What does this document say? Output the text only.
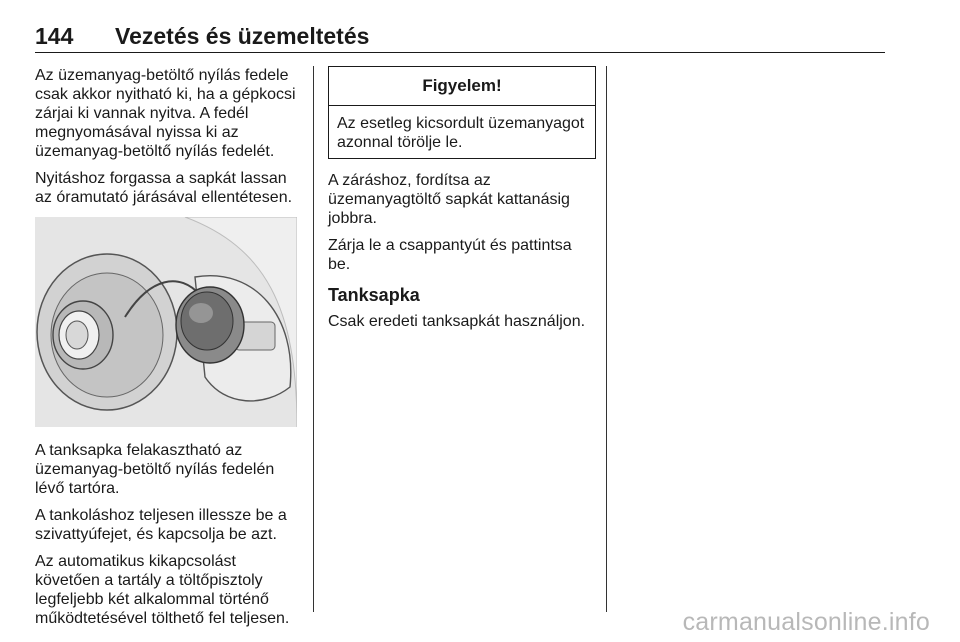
144 Vezetés és üzemeltetés

Az üzemanyag-betöltő nyílás fedele csak akkor nyitható ki, ha a gépkocsi zárjai ki vannak nyitva. A fedél megnyomásával nyissa ki az üzemanyag-betöltő nyílás fedelét.

Nyitáshoz forgassa a sapkát lassan az óramutató járásával ellentétesen.

A tanksapka felakasztható az üzemanyag-betöltő nyílás fedelén lévő tartóra.

A tankoláshoz teljesen illessze be a szivattyúfejet, és kapcsolja be azt.

Az automatikus kikapcsolást követően a tartály a töltőpisztoly legfeljebb két alkalommal történő működtetésével tölthető fel teljesen.

Figyelem!
Az esetleg kicsordult üzemanyagot azonnal törölje le.

A záráshoz, fordítsa az üzemanyagtöltő sapkát kattanásig jobbra.

Zárja le a csappantyút és pattintsa be.

Tanksapka

Csak eredeti tanksapkát használjon.

carmanualsonline.info
